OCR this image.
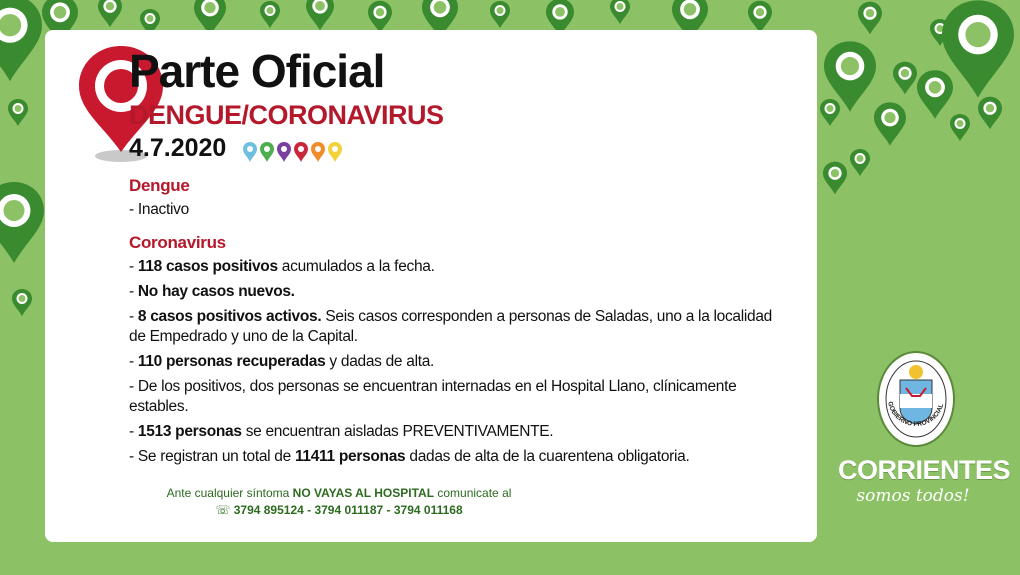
Parte Oficial
DENGUE/CORONAVIRUS
4.7.2020
Dengue
- Inactivo
Coronavirus
- 118 casos positivos acumulados a la fecha.
- No hay casos nuevos.
- 8 casos positivos activos. Seis casos corresponden a personas de Saladas, uno a la localidad de Empedrado y uno de la Capital.
- 110 personas recuperadas y dadas de alta.
- De los positivos, dos personas se encuentran internadas en el Hospital Llano, clínicamente estables.
- 1513 personas se encuentran aisladas PREVENTIVAMENTE.
- Se registran un total de 11411 personas dadas de alta de la cuarentena obligatoria.
Ante cualquier síntoma NO VAYAS AL HOSPITAL comunicate al
☏ 3794 895124 - 3794 011187 - 3794 011168
GOBIERNO PROVINCIAL
CORRIENTES
somos todos!
